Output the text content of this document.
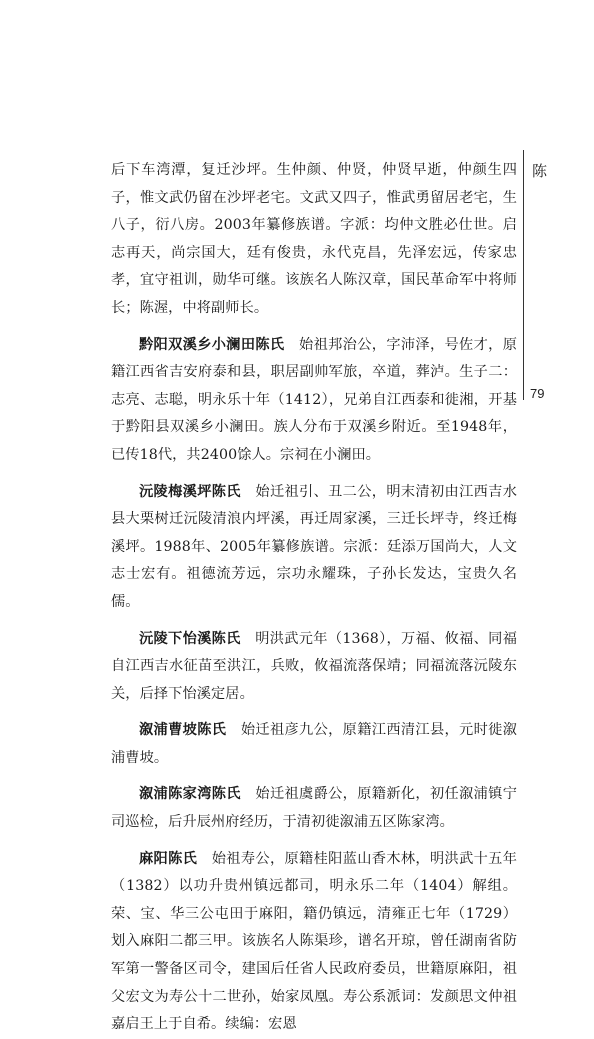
后下车湾潭，复迁沙坪。生仲颜、仲贤，仲贤早逝，仲颜生四子，惟文武仍留在沙坪老宅。文武又四子，惟武勇留居老宅，生八子，衍八房。2003年纂修族谱。字派：均仲文胜必仕世。启志再天，尚宗国大，廷有俊贵，永代克昌，先泽宏远，传家忠孝，宜守祖训，勋华可继。该族名人陈汉章，国民革命军中将师长；陈渥，中将副师长。

黔阳双溪乡小澜田陈氏　始祖邦治公，字沛泽，号佐才，原籍江西省吉安府泰和县，职居副帅军旅，卒道，葬泸。生子二：志亮、志聪，明永乐十年（1412），兄弟自江西泰和徙湘，开基于黔阳县双溪乡小澜田。族人分布于双溪乡附近。至1948年，已传18代，共2400馀人。宗祠在小澜田。

沅陵梅溪坪陈氏　始迁祖引、丑二公，明末清初由江西吉水县大栗树迁沅陵清浪内坪溪，再迁周家溪，三迁长坪寺，终迁梅溪坪。1988年、2005年纂修族谱。宗派：廷添万国尚大，人文志士宏有。祖德流芳远，宗功永耀珠，子孙长发达，宝贵久名儒。

沅陵下怡溪陈氏　明洪武元年（1368），万福、攸福、同福自江西吉水征苗至洪江，兵败，攸福流落保靖；同福流落沅陵东关，后择下怡溪定居。

溆浦曹坡陈氏　始迁祖彦九公，原籍江西清江县，元时徙溆浦曹坡。

溆浦陈家湾陈氏　始迁祖虞爵公，原籍新化，初任溆浦镇宁司巡检，后升辰州府经历，于清初徙溆浦五区陈家湾。

麻阳陈氏　始祖寿公，原籍桂阳蓝山香木林，明洪武十五年（1382）以功升贵州镇远都司，明永乐二年（1404）解组。荣、宝、华三公屯田于麻阳，籍仍镇远，清雍正七年（1729）划入麻阳二都三甲。该族名人陈渠珍，谱名开琼，曾任湖南省防军第一警备区司令，建国后任省人民政府委员，世籍原麻阳，祖父宏文为寿公十二世孙，始家凤凰。寿公系派词：发颜思文仲祖嘉启王上于自希。续编：宏恩

陈
79
